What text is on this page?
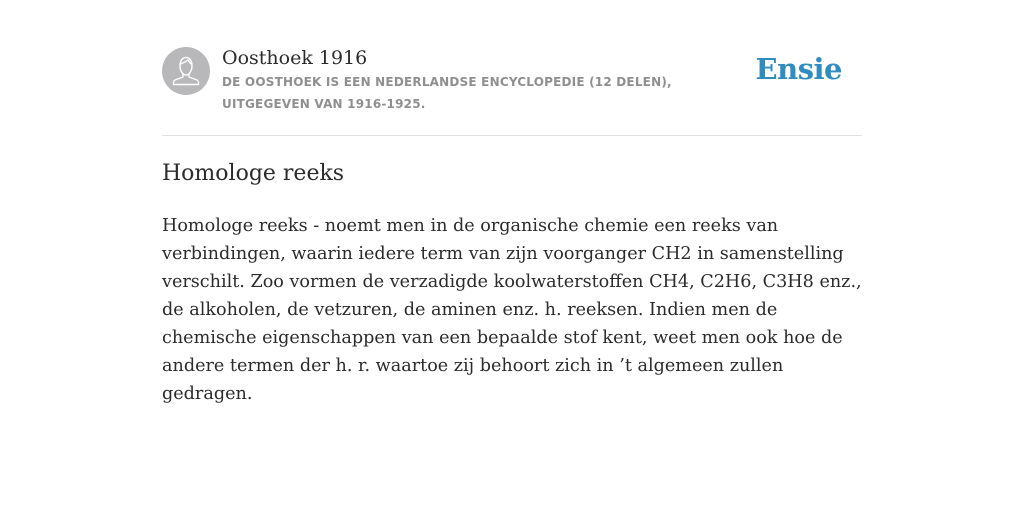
Oosthoek 1916
DE OOSTHOEK IS EEN NEDERLANDSE ENCYCLOPEDIE (12 DELEN), UITGEGEVEN VAN 1916-1925.
Ensie
Homologe reeks

Homologe reeks - noemt men in de organische chemie een reeks van verbindingen, waarin iedere term van zijn voorganger CH2 in samenstelling verschilt. Zoo vormen de verzadigde koolwaterstoffen CH4, C2H6, C3H8 enz., de alkoholen, de vetzuren, de aminen enz. h. reeksen. Indien men de chemische eigenschappen van een bepaalde stof kent, weet men ook hoe de andere termen der h. r. waartoe zij behoort zich in ’t algemeen zullen gedragen.
